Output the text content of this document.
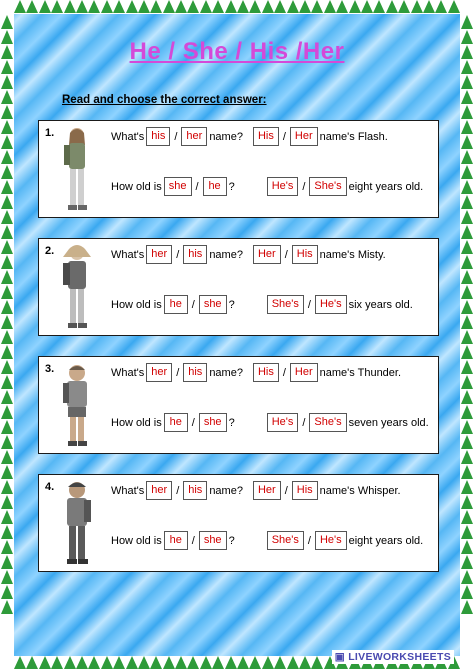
He / She / His /Her
Read and choose the correct answer:
1.	What's his / her name?	His / Her name's Flash.
How old is she / he ?	He's / She's eight years old.
2.	What's her / his name?	Her / His name's Misty.
How old is he / she ?	She's / He's six years old.
3.	What's her / his name?	His / Her name's Thunder.
How old is he / she ?	He's / She's seven years old.
4.	What's her / his name?	Her / His name's Whisper.
How old is he / she ?	She's / He's eight years old.
▣ LIVEWORKSHEETS
